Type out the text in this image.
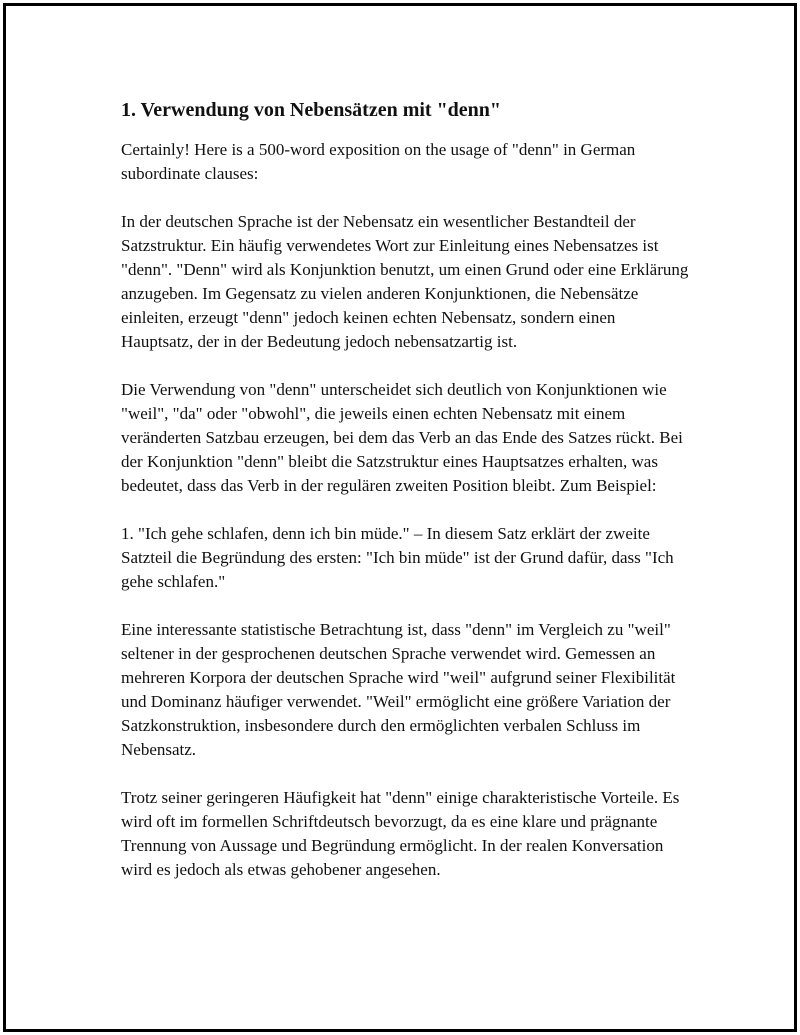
1. Verwendung von Nebensätzen mit "denn"

Certainly! Here is a 500-word exposition on the usage of "denn" in German subordinate clauses:

In der deutschen Sprache ist der Nebensatz ein wesentlicher Bestandteil der Satzstruktur. Ein häufig verwendetes Wort zur Einleitung eines Nebensatzes ist "denn". "Denn" wird als Konjunktion benutzt, um einen Grund oder eine Erklärung anzugeben. Im Gegensatz zu vielen anderen Konjunktionen, die Nebensätze einleiten, erzeugt "denn" jedoch keinen echten Nebensatz, sondern einen Hauptsatz, der in der Bedeutung jedoch nebensatzartig ist.

Die Verwendung von "denn" unterscheidet sich deutlich von Konjunktionen wie "weil", "da" oder "obwohl", die jeweils einen echten Nebensatz mit einem veränderten Satzbau erzeugen, bei dem das Verb an das Ende des Satzes rückt. Bei der Konjunktion "denn" bleibt die Satzstruktur eines Hauptsatzes erhalten, was bedeutet, dass das Verb in der regulären zweiten Position bleibt. Zum Beispiel:

1. "Ich gehe schlafen, denn ich bin müde." – In diesem Satz erklärt der zweite Satzteil die Begründung des ersten: "Ich bin müde" ist der Grund dafür, dass "Ich gehe schlafen."

Eine interessante statistische Betrachtung ist, dass "denn" im Vergleich zu "weil" seltener in der gesprochenen deutschen Sprache verwendet wird. Gemessen an mehreren Korpora der deutschen Sprache wird "weil" aufgrund seiner Flexibilität und Dominanz häufiger verwendet. "Weil" ermöglicht eine größere Variation der Satzkonstruktion, insbesondere durch den ermöglichten verbalen Schluss im Nebensatz.

Trotz seiner geringeren Häufigkeit hat "denn" einige charakteristische Vorteile. Es wird oft im formellen Schriftdeutsch bevorzugt, da es eine klare und prägnante Trennung von Aussage und Begründung ermöglicht. In der realen Konversation wird es jedoch als etwas gehobener angesehen.
